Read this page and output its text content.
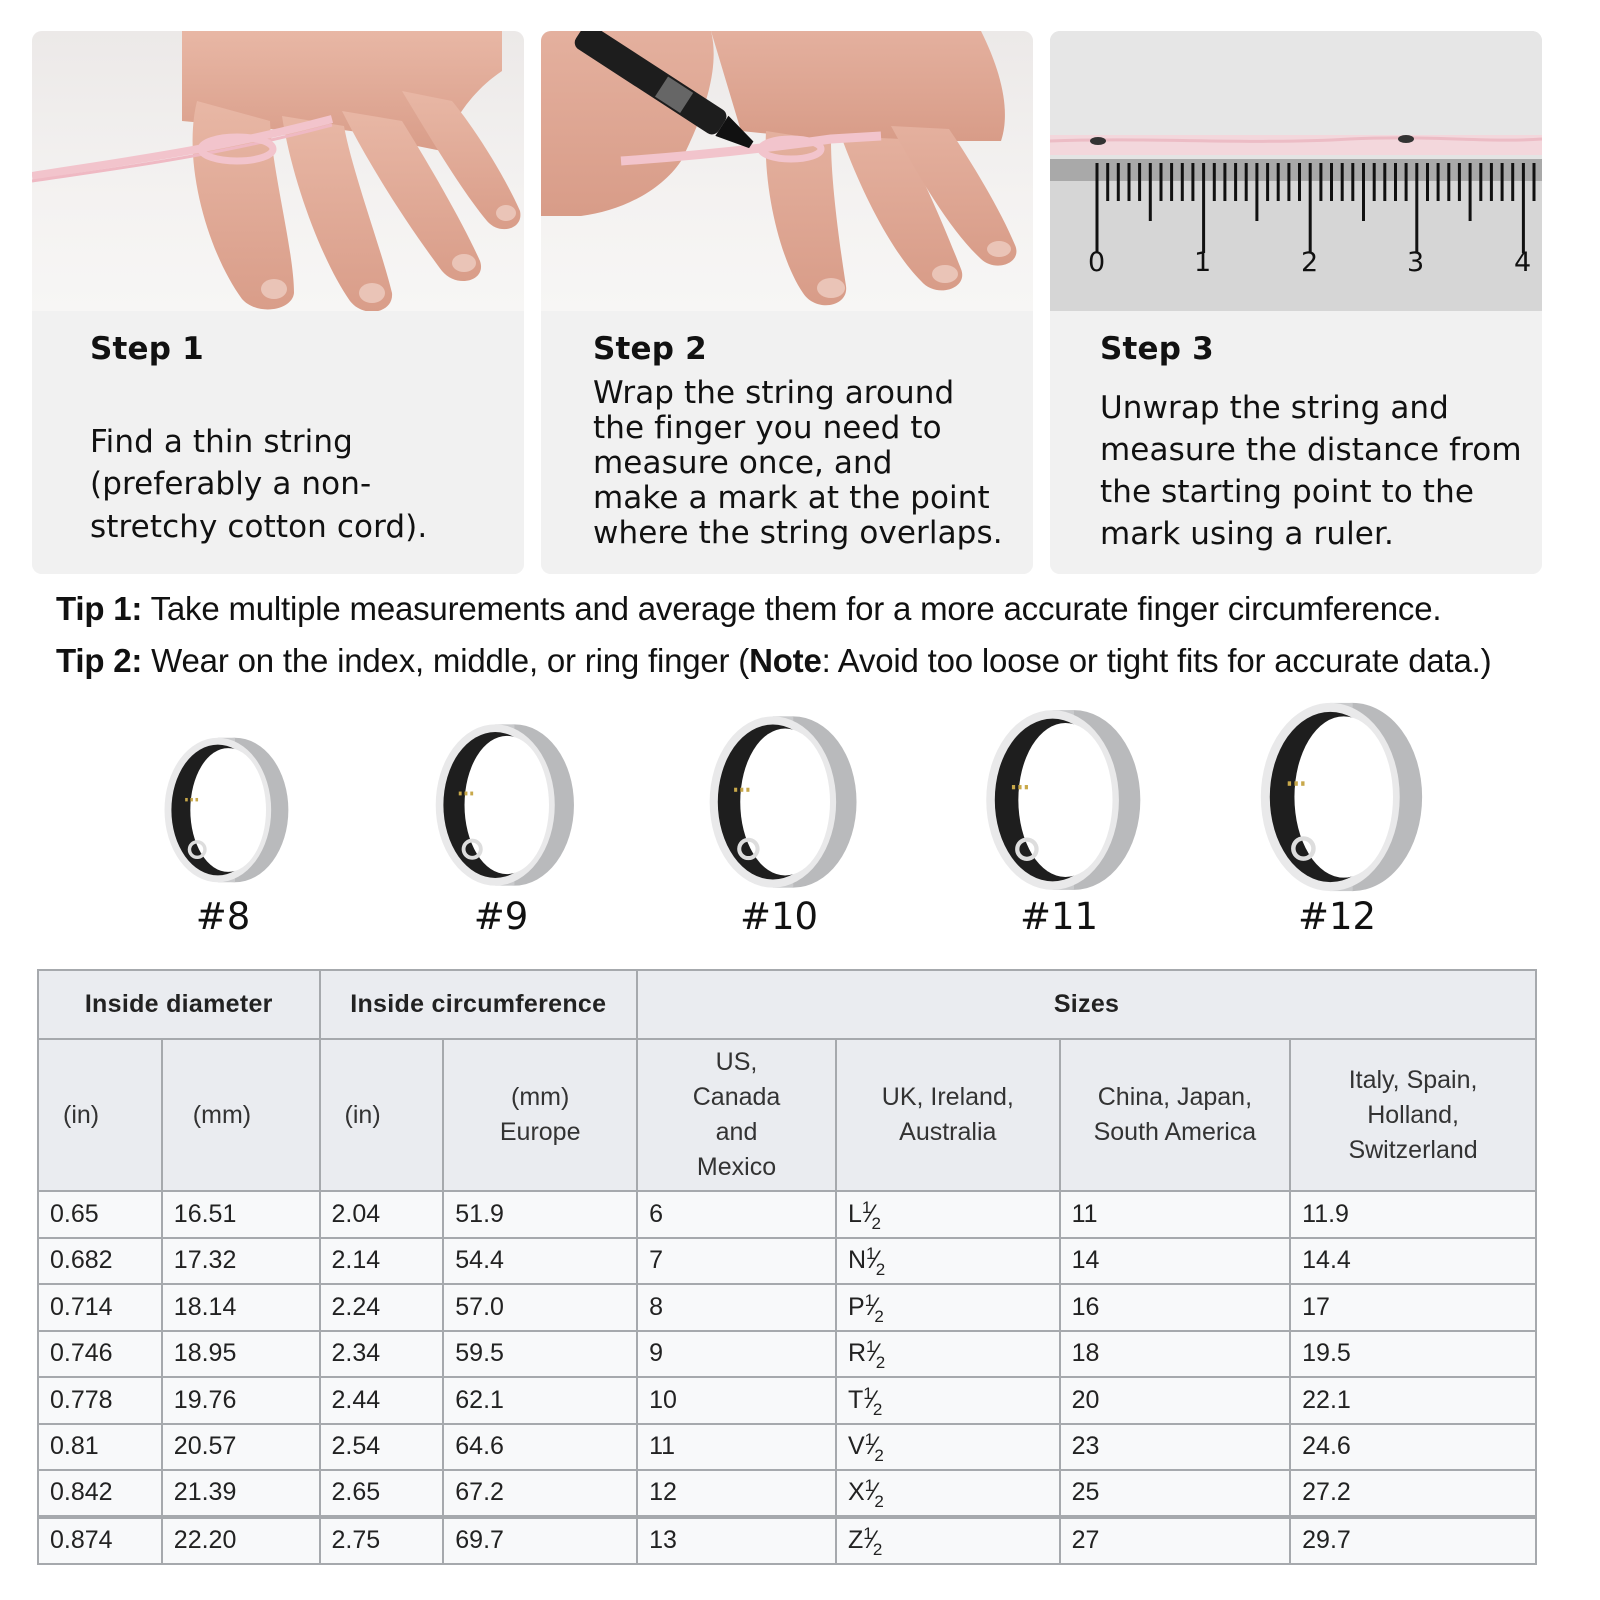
Step 1
Find a thin string
(preferably a non-
stretchy cotton cord).
Step 2
Wrap the string around
the finger you need to
measure once, and
make a mark at the point
where the string overlaps.
0	1	2	3	4
Step 3
Unwrap the string and
measure the distance from
the starting point to the
mark using a ruler.
Tip 1: Take multiple measurements and average them for a more accurate finger circumference.
Tip 2: Wear on the index, middle, or ring finger (Note: Avoid too loose or tight fits for accurate data.)
#8	#9	#10	#11	#12
Inside diameter		Inside circumference		Sizes			
(in)	(mm)	(in)	(mm) Europe	US, Canada and Mexico	UK, Ireland, Australia	China, Japan, South America	Italy, Spain, Holland, Switzerland
0.65	16.51	2.04	51.9	6	$L^1⁄_2$	11	11.9
0.682	17.32	2.14	54.4	7	$N^1⁄_2$	14	14.4
0.714	18.14	2.24	57.0	8	$P^1⁄_2$	16	17
0.746	18.95	2.34	59.5	9	$R^1⁄_2$	18	19.5
0.778	19.76	2.44	62.1	10	$T^1⁄_2$	20	22.1
0.81	20.57	2.54	64.6	11	$V^1⁄_2$	23	24.6
0.842	21.39	2.65	67.2	12	$X^1⁄_2$	25	27.2
0.874	22.20	2.75	69.7	13	$Z^1⁄_2$	27	29.7
